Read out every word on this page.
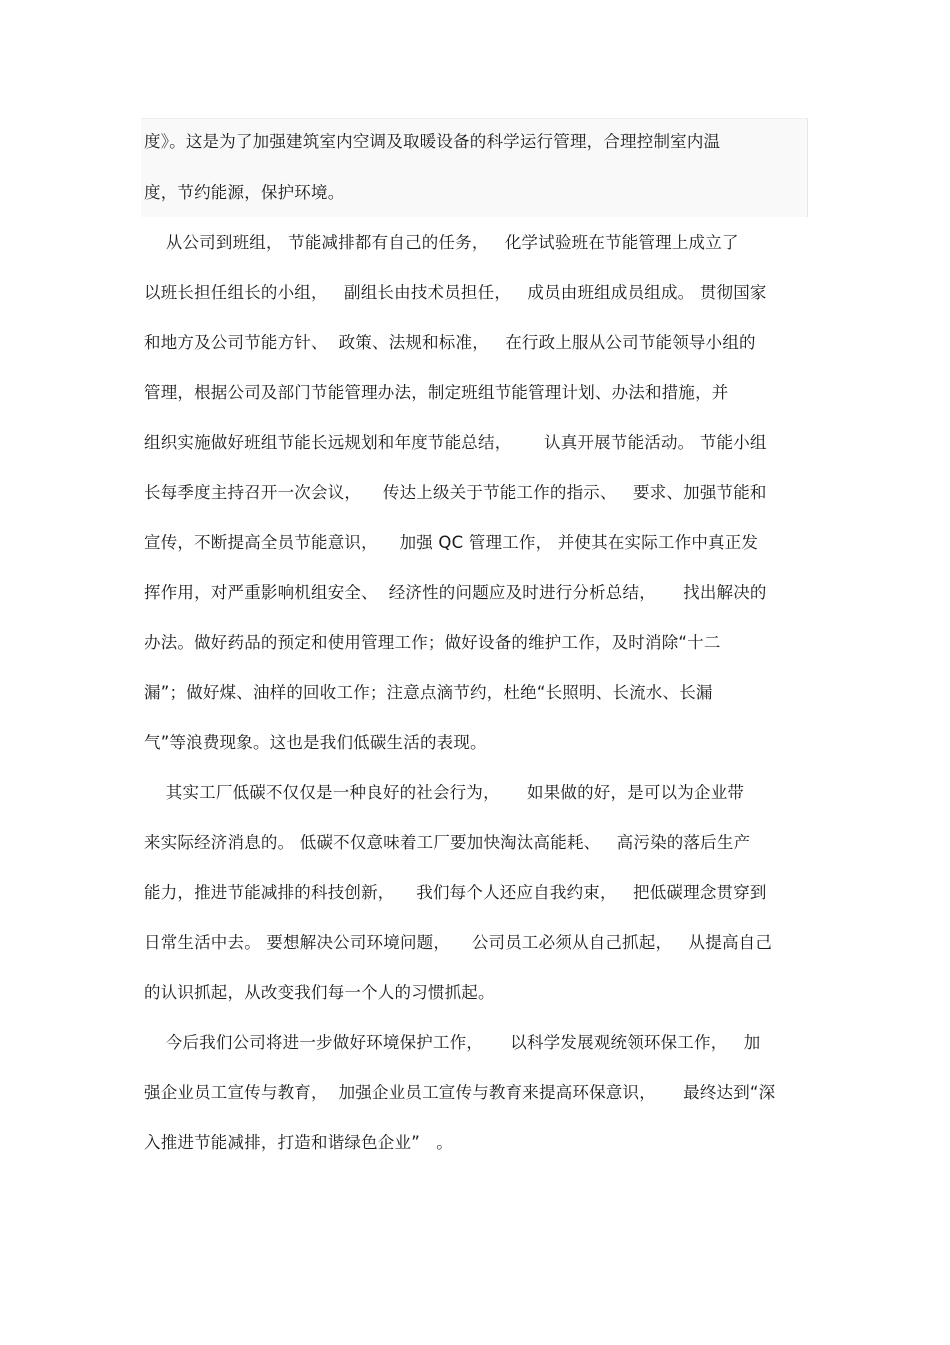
度》。这是为了加强建筑室内空调及取暖设备的科学运行管理，合理控制室内温
度，节约能源，保护环境。
从公司到班组， 节能减排都有自己的任务，   化学试验班在节能管理上成立了
以班长担任组长的小组，   副组长由技术员担任，   成员由班组成员组成。 贯彻国家
和地方及公司节能方针、  政策、法规和标准，   在行政上服从公司节能领导小组的
管理，根据公司及部门节能管理办法，制定班组节能管理计划、办法和措施，并
组织实施做好班组节能长远规划和年度节能总结，      认真开展节能活动。 节能小组
长每季度主持召开一次会议，    传达上级关于节能工作的指示、   要求、加强节能和
宣传，不断提高全员节能意识，    加强 QC 管理工作， 并使其在实际工作中真正发
挥作用，对严重影响机组安全、  经济性的问题应及时进行分析总结，     找出解决的
办法。做好药品的预定和使用管理工作；做好设备的维护工作，及时消除“十二
漏”；做好煤、油样的回收工作；注意点滴节约，杜绝“长照明、长流水、长漏
气”等浪费现象。这也是我们低碳生活的表现。
其实工厂低碳不仅仅是一种良好的社会行为，     如果做的好，是可以为企业带
来实际经济消息的。 低碳不仅意味着工厂要加快淘汰高能耗、   高污染的落后生产
能力，推进节能减排的科技创新，    我们每个人还应自我约束，   把低碳理念贯穿到
日常生活中去。 要想解决公司环境问题，    公司员工必须从自己抓起，   从提高自己
的认识抓起，从改变我们每一个人的习惯抓起。
今后我们公司将进一步做好环境保护工作，     以科学发展观统领环保工作，   加
强企业员工宣传与教育，  加强企业员工宣传与教育来提高环保意识，     最终达到“深
入推进节能减排，打造和谐绿色企业”   。
